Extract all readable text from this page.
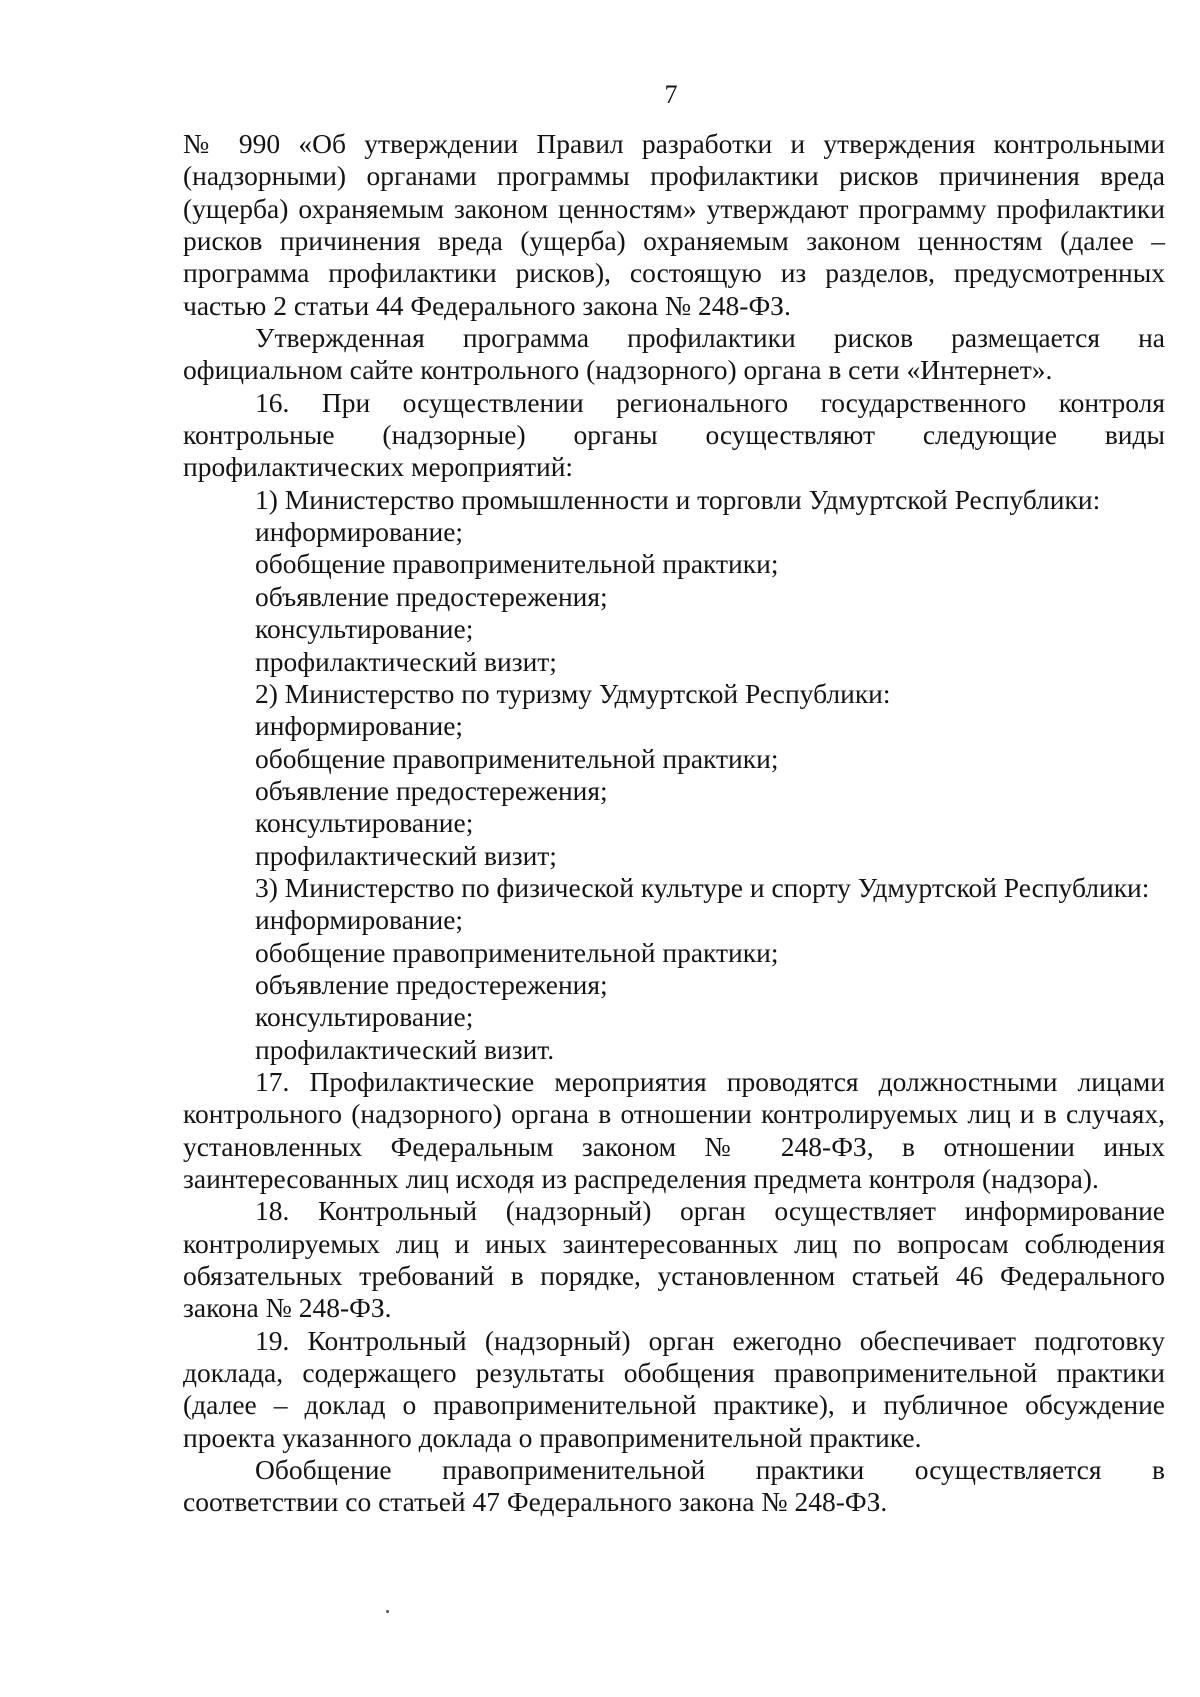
7

№ 990 «Об утверждении Правил разработки и утверждения контрольными (надзорными) органами программы профилактики рисков причинения вреда (ущерба) охраняемым законом ценностям» утверждают программу профилактики рисков причинения вреда (ущерба) охраняемым законом ценностям (далее – программа профилактики рисков), состоящую из разделов, предусмотренных частью 2 статьи 44 Федерального закона № 248-ФЗ.

Утвержденная программа профилактики рисков размещается на

официальном сайте контрольного (надзорного) органа в сети «Интернет».

16. При осуществлении регионального государственного контроля контрольные (надзорные) органы осуществляют следующие виды профилактических мероприятий:

1) Министерство промышленности и торговли Удмуртской Республики:

информирование;

обобщение правоприменительной практики;

объявление предостережения;

консультирование;

профилактический визит;

2) Министерство по туризму Удмуртской Республики:

информирование;

обобщение правоприменительной практики;

объявление предостережения;

консультирование;

профилактический визит;

3) Министерство по физической культуре и спорту Удмуртской Республики:

информирование;

обобщение правоприменительной практики;

объявление предостережения;

консультирование;

профилактический визит.

17. Профилактические мероприятия проводятся должностными лицами контрольного (надзорного) органа в отношении контролируемых лиц и в случаях, установленных Федеральным законом № 248-ФЗ, в отношении иных заинтересованных лиц исходя из распределения предмета контроля (надзора).

18. Контрольный (надзорный) орган осуществляет информирование контролируемых лиц и иных заинтересованных лиц по вопросам соблюдения обязательных требований в порядке, установленном статьей 46 Федерального закона № 248-ФЗ.

19. Контрольный (надзорный) орган ежегодно обеспечивает подготовку доклада, содержащего результаты обобщения правоприменительной практики (далее – доклад о правоприменительной практике), и публичное обсуждение проекта указанного доклада о правоприменительной практике.

Обобщение правоприменительной практики осуществляется в

соответствии со статьей 47 Федерального закона № 248-ФЗ.
